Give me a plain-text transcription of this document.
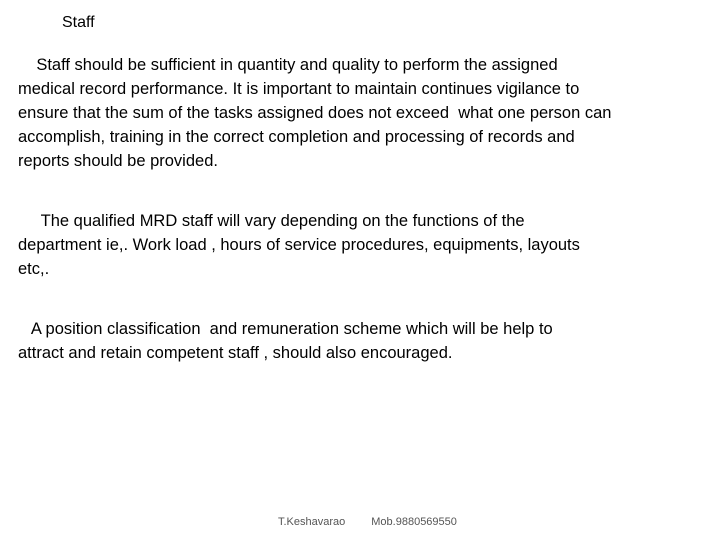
Staff

Staff should be sufficient in quantity and quality to perform the assigned
medical record performance. It is important to maintain continues vigilance to
ensure that the sum of the tasks assigned does not exceed  what one person can
accomplish, training in the correct completion and processing of records and
reports should be provided.

The qualified MRD staff will vary depending on the functions of the
department ie,. Work load , hours of service procedures, equipments, layouts
etc,.

A position classification  and remuneration scheme which will be help to
attract and retain competent staff , should also encouraged.

T.Keshavarao Mob.9880569550
